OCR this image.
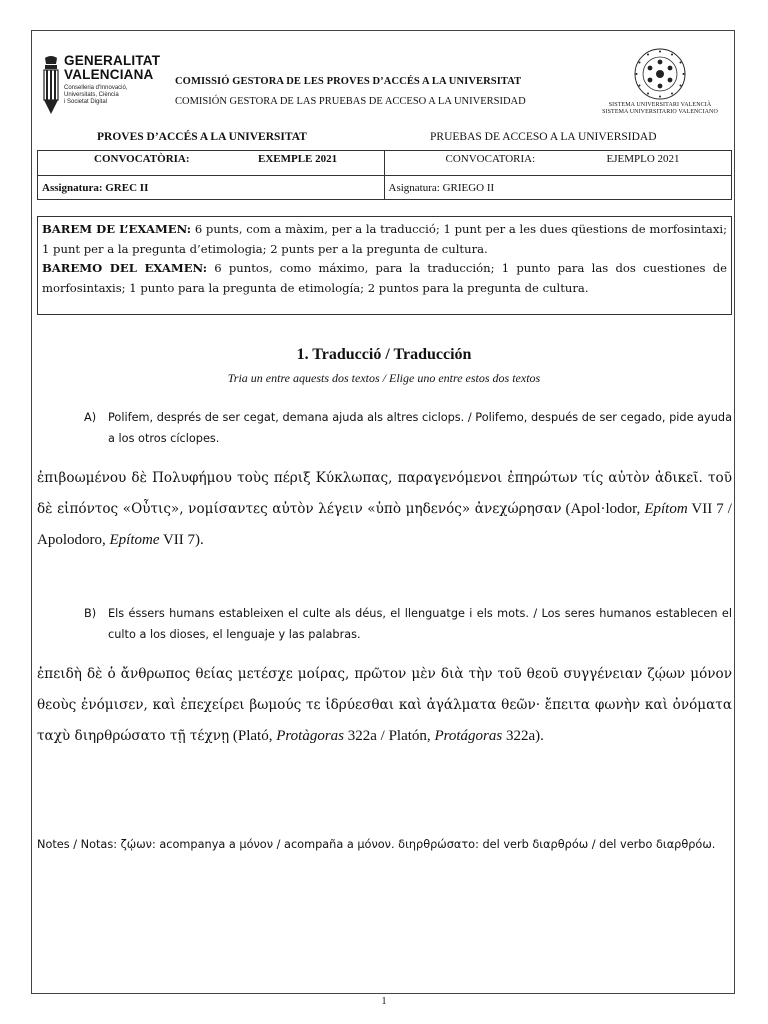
GENERALITAT
VALENCIANA
Conselleria d'Innovació,
Universitats, Ciència
i Societat Digital
COMISSIÓ GESTORA DE LES PROVES D’ACCÉS A LA UNIVERSITAT
COMISIÓN GESTORA DE LAS PRUEBAS DE ACCESO A LA UNIVERSIDAD	SISTEMA UNIVERSITARI VALENCIÀ
SISTEMA UNIVERSITARIO VALENCIANO
PROVES D’ACCÉS A LA UNIVERSITAT	PRUEBAS DE ACCESO A LA UNIVERSIDAD
CONVOCATÒRIA: EXEMPLE 2021	CONVOCATORIA: EJEMPLO 2021

Assignatura: GREC II	Asignatura: GRIEGO II
BAREM DE L’EXAMEN: 6 punts, com a màxim, per a la traducció; 1 punt per a les dues qüestions de morfosintaxi; 1 punt per a la pregunta d’etimologia; 2 punts per a la pregunta de cultura.
BAREMO DEL EXAMEN: 6 puntos, como máximo, para la traducción; 1 punto para las dos cuestiones de morfosintaxis; 1 punto para la pregunta de etimología; 2 puntos para la pregunta de cultura.
1. Traducció / Traducción
Tria un entre aquests dos textos / Elige uno entre estos dos textos
A) Polifem, després de ser cegat, demana ajuda als altres ciclops. / Polifemo, después de ser cegado, pide ayuda a los otros cíclopes.
ἐπιβοωμένου δὲ Πολυφήμου τοὺς πέριξ Κύκλωπας, παραγενόμενοι ἐπηρώτων τίς αὐτὸν ἀδικεῖ. τοῦ δὲ εἰπόντος «Οὖτις», νομίσαντες αὐτὸν λέγειν «ὑπὸ μηδενός» ἀνεχώρησαν (Apol·lodor, Epítom VII 7 / Apolodoro, Epítome VII 7).
B) Els éssers humans estableixen el culte als déus, el llenguatge i els mots. / Los seres humanos establecen el culto a los dioses, el lenguaje y las palabras.
ἐπειδὴ δὲ ὁ ἄνθρωπος θείας μετέσχε μοίρας, πρῶτον μὲν διὰ τὴν τοῦ θεοῦ συγγένειαν ζῴων μόνον θεοὺς ἐνόμισεν, καὶ ἐπεχείρει βωμούς τε ἱδρύεσθαι καὶ ἀγάλματα θεῶν· ἔπειτα φωνὴν καὶ ὀνόματα ταχὺ διηρθρώσατο τῇ τέχνῃ (Plató, Protàgoras 322a / Platón, Protágoras 322a).
Notes / Notas: ζῴων: acompanya a μόνον / acompaña a μόνον. διηρθρώσατο: del verb διαρθρόω / del verbo διαρθρόω.
1
